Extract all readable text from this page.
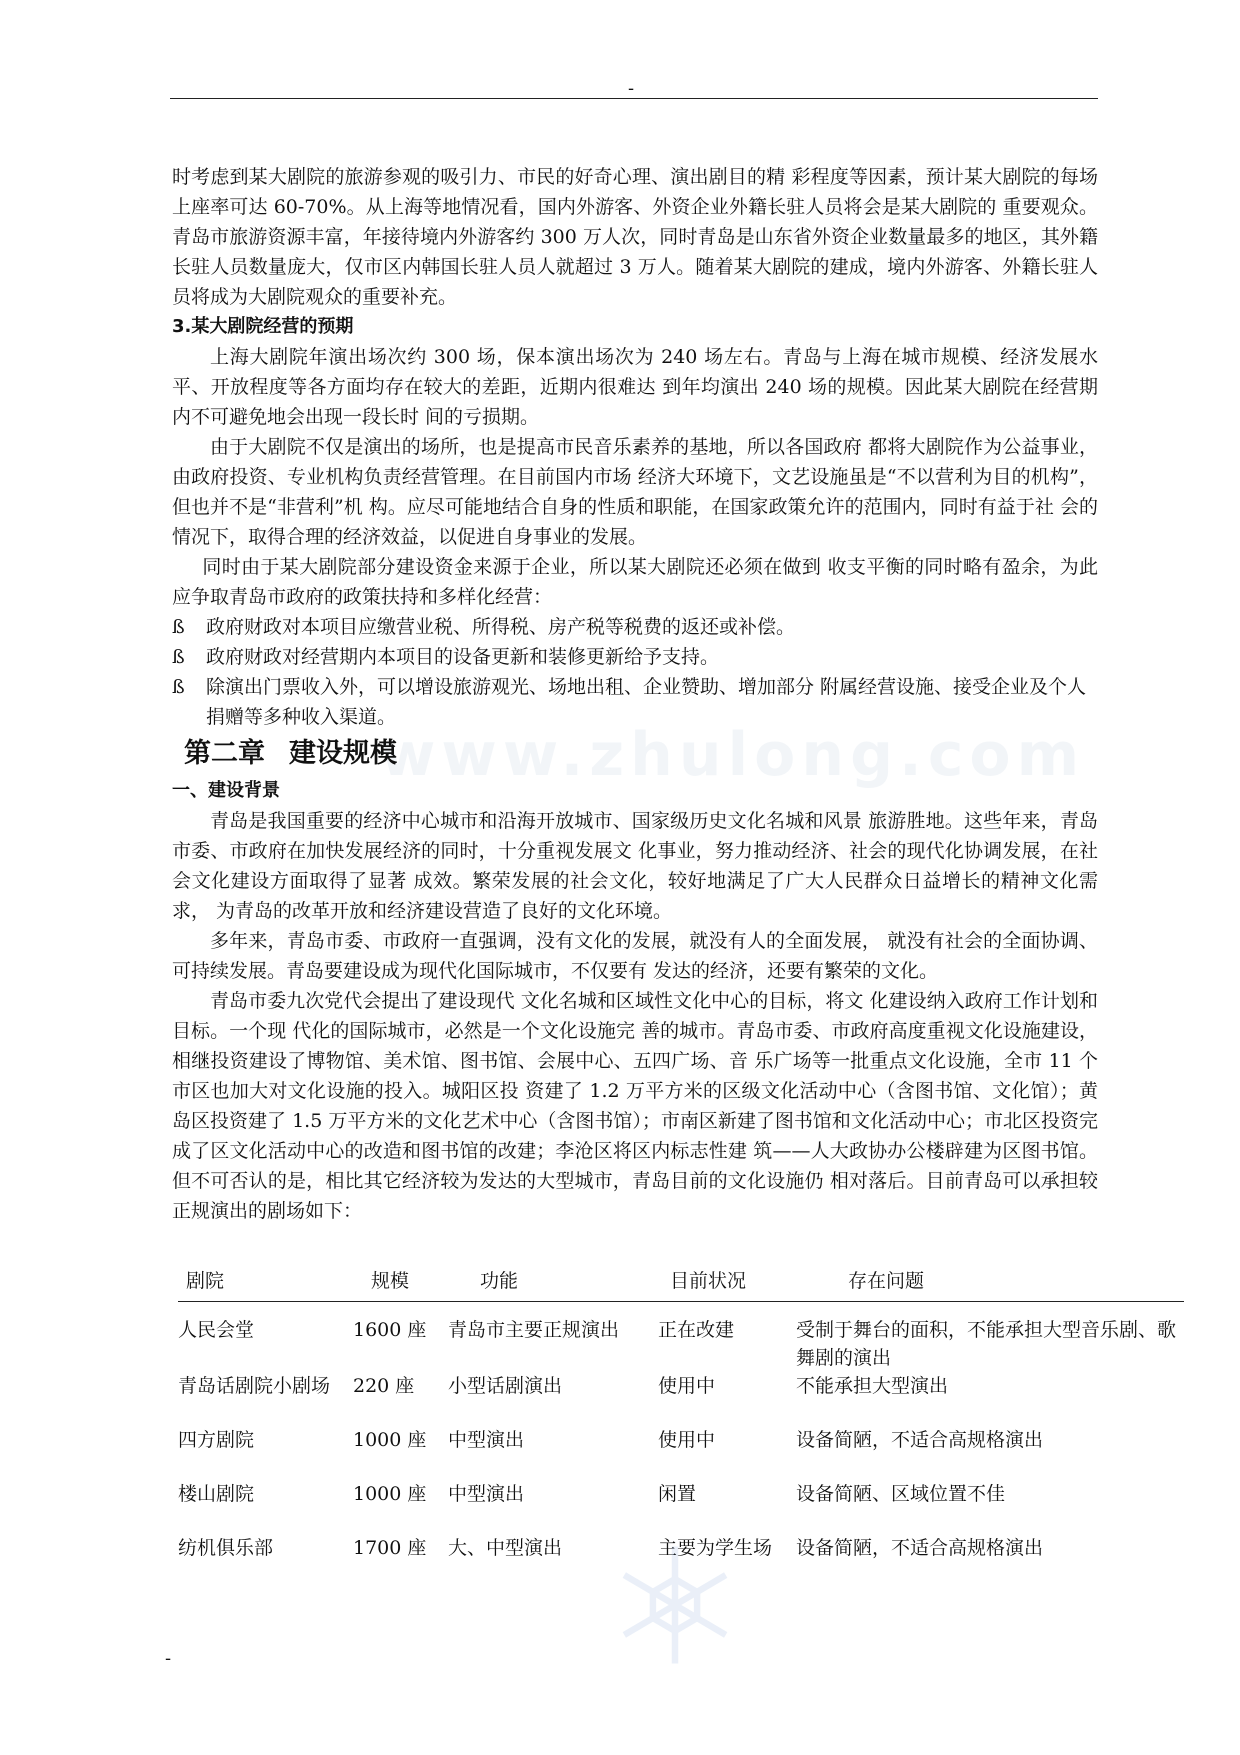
-
www.zhulong.com

时考虑到某大剧院的旅游参观的吸引力、市民的好奇心理、演出剧目的精 彩程度等因素，预计某大剧院的每场上座率可达 60-70%。从上海等地情况看，国内外游客、外资企业外籍长驻人员将会是某大剧院的 重要观众。青岛市旅游资源丰富，年接待境内外游客约 300 万人次，同时青岛是山东省外资企业数量最多的地区，其外籍长驻人员数量庞大，仅市区内韩国长驻人员人就超过 3 万人。随着某大剧院的建成，境内外游客、外籍长驻人员将成为大剧院观众的重要补充。

3.某大剧院经营的预期

上海大剧院年演出场次约 300 场，保本演出场次为 240 场左右。青岛与上海在城市规模、经济发展水平、开放程度等各方面均存在较大的差距，近期内很难达 到年均演出 240 场的规模。因此某大剧院在经营期内不可避免地会出现一段长时 间的亏损期。

由于大剧院不仅是演出的场所，也是提高市民音乐素养的基地，所以各国政府 都将大剧院作为公益事业，由政府投资、专业机构负责经营管理。在目前国内市场 经济大环境下，文艺设施虽是“不以营利为目的机构”，但也并不是“非营利”机 构。应尽可能地结合自身的性质和职能，在国家政策允许的范围内，同时有益于社 会的情况下，取得合理的经济效益，以促进自身事业的发展。

同时由于某大剧院部分建设资金来源于企业，所以某大剧院还必须在做到 收支平衡的同时略有盈余，为此应争取青岛市政府的政策扶持和多样化经营：

ß	政府财政对本项目应缴营业税、所得税、房产税等税费的返还或补偿。
ß	政府财政对经营期内本项目的设备更新和装修更新给予支持。
ß	除演出门票收入外，可以增设旅游观光、场地出租、企业赞助、增加部分 附属经营设施、接受企业及个人捐赠等多种收入渠道。

第二章 建设规模

一、建设背景

青岛是我国重要的经济中心城市和沿海开放城市、国家级历史文化名城和风景 旅游胜地。这些年来，青岛市委、市政府在加快发展经济的同时，十分重视发展文 化事业，努力推动经济、社会的现代化协调发展，在社会文化建设方面取得了显著 成效。繁荣发展的社会文化，较好地满足了广大人民群众日益增长的精神文化需求， 为青岛的改革开放和经济建设营造了良好的文化环境。

多年来，青岛市委、市政府一直强调，没有文化的发展，就没有人的全面发展， 就没有社会的全面协调、可持续发展。青岛要建设成为现代化国际城市，不仅要有 发达的经济，还要有繁荣的文化。

青岛市委九次党代会提出了建设现代 文化名城和区域性文化中心的目标，将文 化建设纳入政府工作计划和目标。一个现 代化的国际城市，必然是一个文化设施完 善的城市。青岛市委、市政府高度重视文化设施建设，相继投资建设了博物馆、美术馆、图书馆、会展中心、五四广场、音 乐广场等一批重点文化设施，全市 11 个市区也加大对文化设施的投入。城阳区投 资建了 1.2 万平方米的区级文化活动中心（含图书馆、文化馆）；黄岛区投资建了 1.5 万平方米的文化艺术中心（含图书馆）；市南区新建了图书馆和文化活动中心；市北区投资完成了区文化活动中心的改造和图书馆的改建；李沧区将区内标志性建 筑——人大政协办公楼辟建为区图书馆。但不可否认的是，相比其它经济较为发达的大型城市，青岛目前的文化设施仍 相对落后。目前青岛可以承担较正规演出的剧场如下：

剧院	规模	功能	目前状况	存在问题
人民会堂	1600 座	青岛市主要正规演出	正在改建	受制于舞台的面积，不能承担大型音乐剧、歌舞剧的演出
青岛话剧院小剧场	220 座	小型话剧演出	使用中	不能承担大型演出
四方剧院	1000 座	中型演出	使用中	设备简陋，不适合高规格演出
楼山剧院	1000 座	中型演出	闲置	设备简陋、区域位置不佳
纺机俱乐部	1700 座	大、中型演出	主要为学生场	设备简陋，不适合高规格演出
-
